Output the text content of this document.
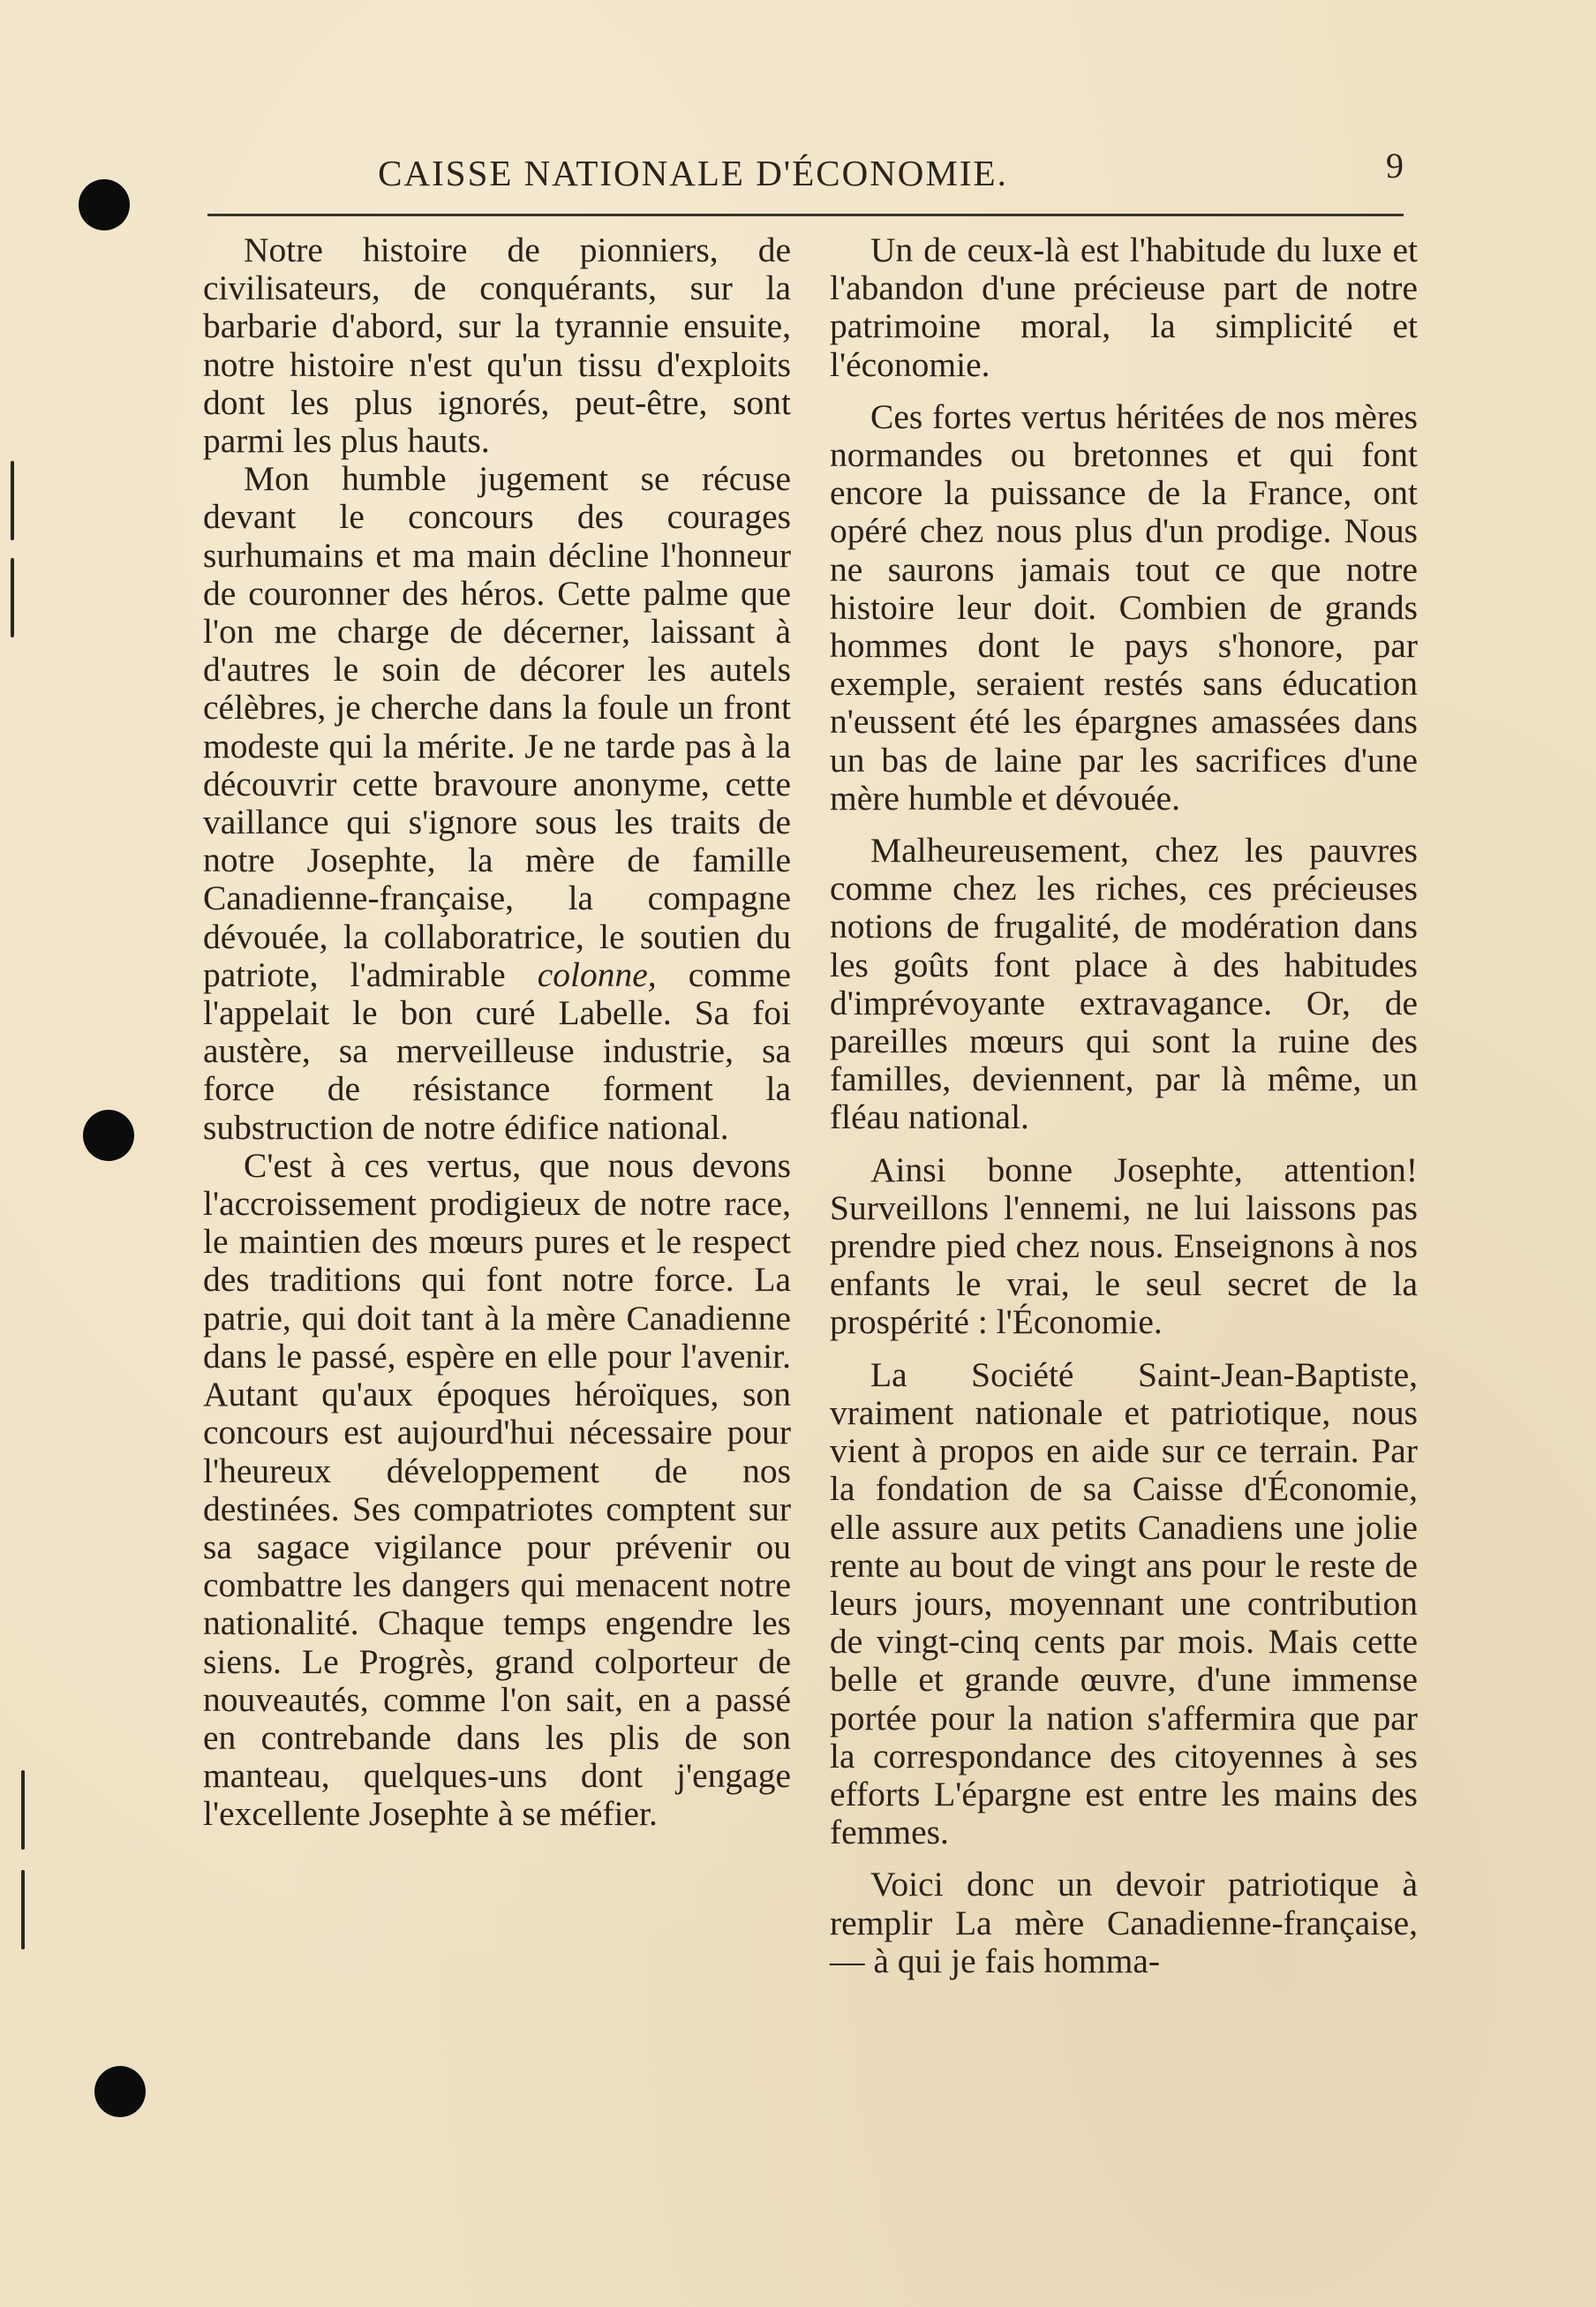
CAISSE NATIONALE D'ÉCONOMIE.	9

Notre histoire de pionniers, de civilisateurs, de conquérants, sur la barbarie d'abord, sur la tyrannie ensuite, notre histoire n'est qu'un tissu d'exploits dont les plus ignorés, peut-être, sont parmi les plus hauts.

Mon humble jugement se récuse devant le concours des courages surhumains et ma main décline l'honneur de couronner des héros. Cette palme que l'on me charge de décerner, laissant à d'autres le soin de décorer les autels célèbres, je cherche dans la foule un front modeste qui la mérite. Je ne tarde pas à la découvrir cette bravoure anonyme, cette vaillance qui s'ignore sous les traits de notre Josephte, la mère de famille Canadienne-française, la compagne dévouée, la collaboratrice, le soutien du patriote, l'admirable colonne, comme l'appelait le bon curé Labelle. Sa foi austère, sa merveilleuse industrie, sa force de résistance forment la substruction de notre édifice national.

C'est à ces vertus, que nous devons l'accroissement prodigieux de notre race, le maintien des mœurs pures et le respect des traditions qui font notre force. La patrie, qui doit tant à la mère Canadienne dans le passé, espère en elle pour l'avenir. Autant qu'aux époques héroïques, son concours est aujourd'hui nécessaire pour l'heureux développement de nos destinées. Ses compatriotes comptent sur sa sagace vigilance pour prévenir ou combattre les dangers qui menacent notre nationalité. Chaque temps engendre les siens. Le Progrès, grand colporteur de nouveautés, comme l'on sait, en a passé en contrebande dans les plis de son manteau, quelques-uns dont j'engage l'excellente Josephte à se méfier.

Un de ceux-là est l'habitude du luxe et l'abandon d'une précieuse part de notre patrimoine moral, la simplicité et l'économie.

Ces fortes vertus héritées de nos mères normandes ou bretonnes et qui font encore la puissance de la France, ont opéré chez nous plus d'un prodige. Nous ne saurons jamais tout ce que notre histoire leur doit. Combien de grands hommes dont le pays s'honore, par exemple, seraient restés sans éducation n'eussent été les épargnes amassées dans un bas de laine par les sacrifices d'une mère humble et dévouée.

Malheureusement, chez les pauvres comme chez les riches, ces précieuses notions de frugalité, de modération dans les goûts font place à des habitudes d'imprévoyante extravagance. Or, de pareilles mœurs qui sont la ruine des familles, deviennent, par là même, un fléau national.

Ainsi bonne Josephte, attention! Surveillons l'ennemi, ne lui laissons pas prendre pied chez nous. Enseignons à nos enfants le vrai, le seul secret de la prospérité : l'Économie.

La Société Saint-Jean-Baptiste, vraiment nationale et patriotique, nous vient à propos en aide sur ce terrain. Par la fondation de sa Caisse d'Économie, elle assure aux petits Canadiens une jolie rente au bout de vingt ans pour le reste de leurs jours, moyennant une contribution de vingt-cinq cents par mois. Mais cette belle et grande œuvre, d'une immense portée pour la nation s'affermira que par la correspondance des citoyennes à ses efforts L'épargne est entre les mains des femmes.

Voici donc un devoir patriotique à remplir La mère Canadienne-française, — à qui je fais homma-
